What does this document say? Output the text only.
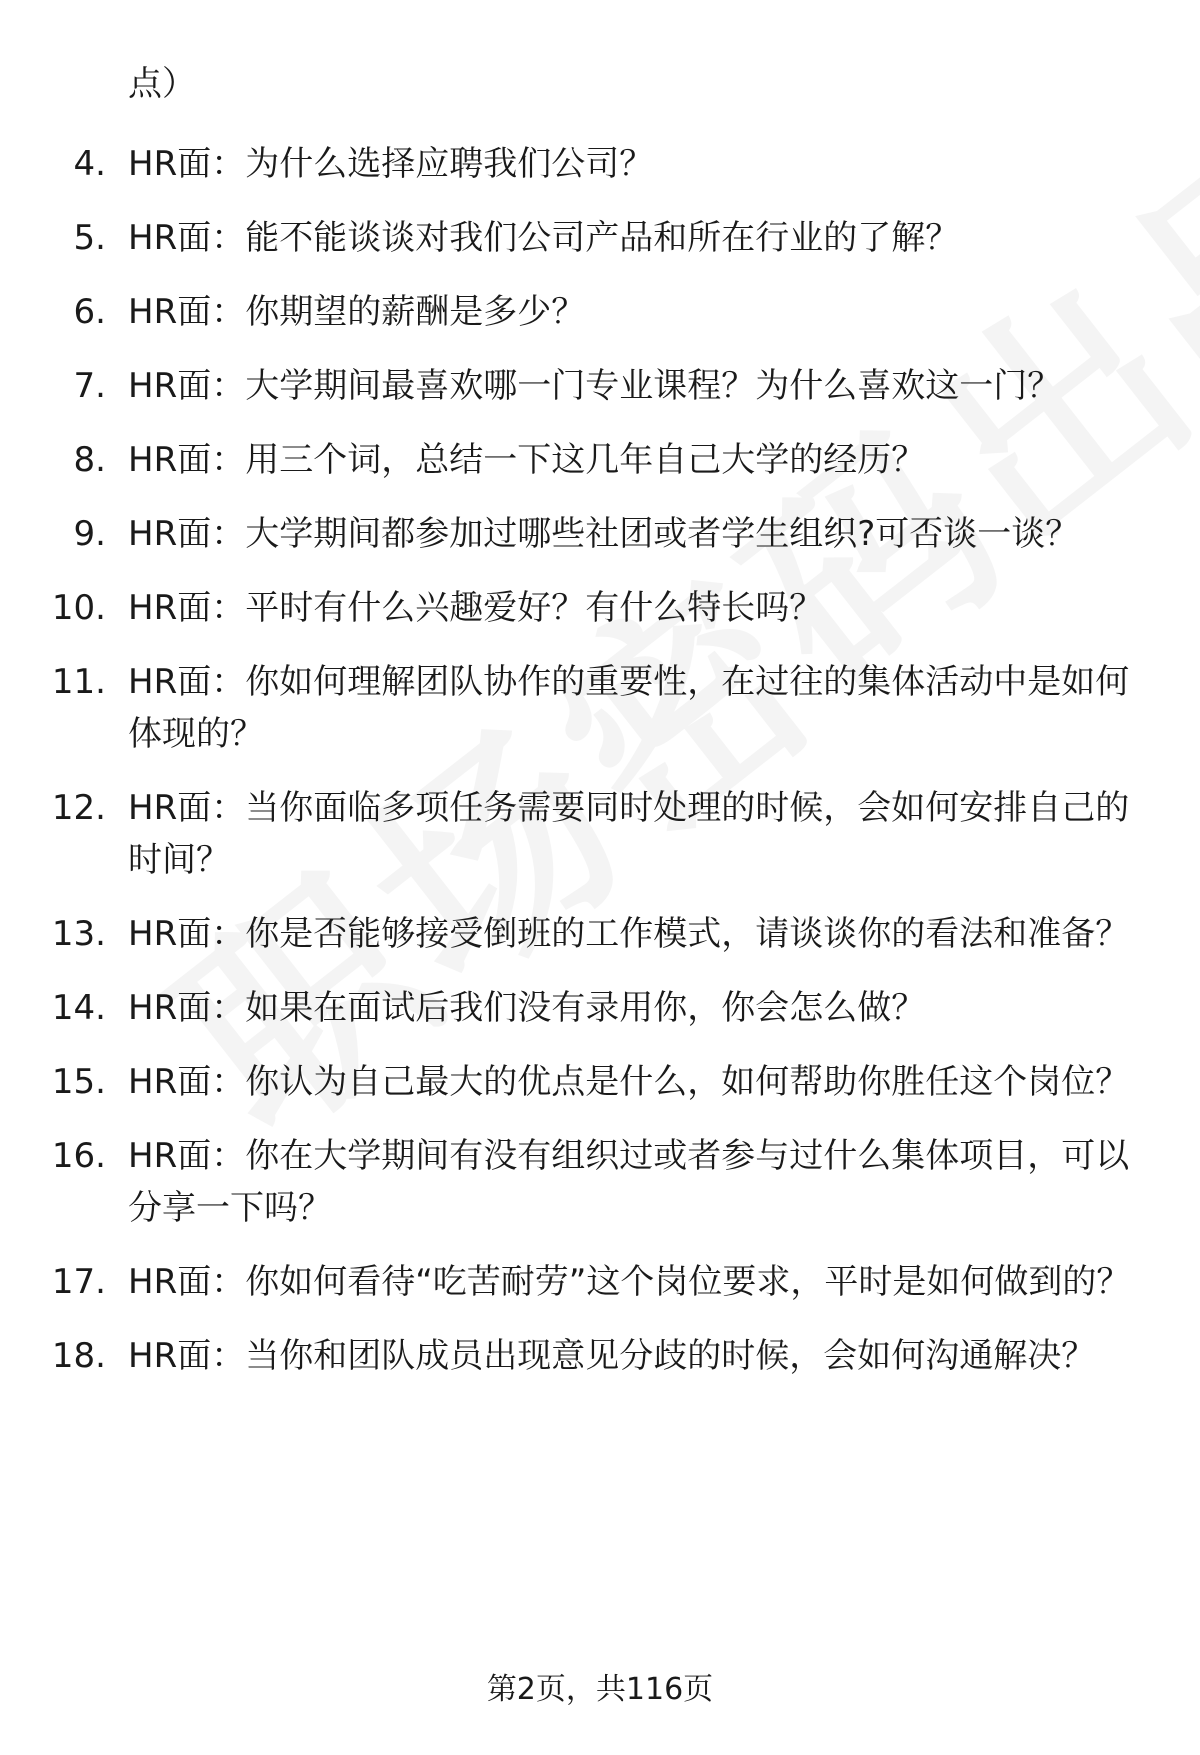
点）
4. HR面：为什么选择应聘我们公司？
5. HR面：能不能谈谈对我们公司产品和所在行业的了解？
6. HR面：你期望的薪酬是多少？
7. HR面：大学期间最喜欢哪一门专业课程？为什么喜欢这一门？
8. HR面：用三个词，总结一下这几年自己大学的经历？
9. HR面：大学期间都参加过哪些社团或者学生组织?可否谈一谈？
10. HR面：平时有什么兴趣爱好？有什么特长吗？
11. HR面：你如何理解团队协作的重要性，在过往的集体活动中是如何体现的？
12. HR面：当你面临多项任务需要同时处理的时候，会如何安排自己的时间？
13. HR面：你是否能够接受倒班的工作模式，请谈谈你的看法和准备？
14. HR面：如果在面试后我们没有录用你，你会怎么做？
15. HR面：你认为自己最大的优点是什么，如何帮助你胜任这个岗位？
16. HR面：你在大学期间有没有组织过或者参与过什么集体项目，可以分享一下吗？
17. HR面：你如何看待“吃苦耐劳”这个岗位要求，平时是如何做到的？
18. HR面：当你和团队成员出现意见分歧的时候，会如何沟通解决？
第2页，共116页
